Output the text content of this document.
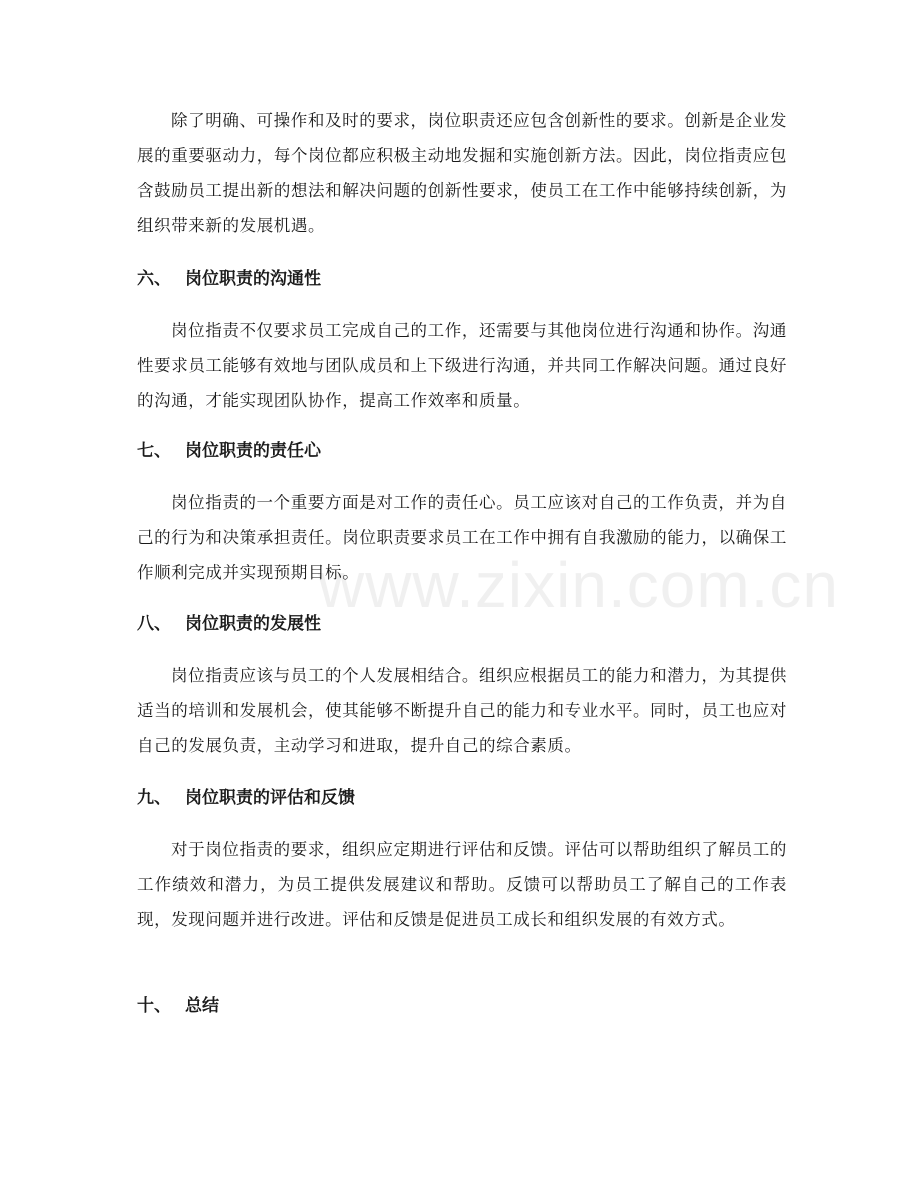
除了明确、可操作和及时的要求，岗位职责还应包含创新性的要求。创新是企业发展的重要驱动力，每个岗位都应积极主动地发掘和实施创新方法。因此，岗位指责应包含鼓励员工提出新的想法和解决问题的创新性要求，使员工在工作中能够持续创新，为组织带来新的发展机遇。

六、 岗位职责的沟通性

岗位指责不仅要求员工完成自己的工作，还需要与其他岗位进行沟通和协作。沟通性要求员工能够有效地与团队成员和上下级进行沟通，并共同工作解决问题。通过良好的沟通，才能实现团队协作，提高工作效率和质量。

七、 岗位职责的责任心

岗位指责的一个重要方面是对工作的责任心。员工应该对自己的工作负责，并为自己的行为和决策承担责任。岗位职责要求员工在工作中拥有自我激励的能力，以确保工作顺利完成并实现预期目标。

八、 岗位职责的发展性

岗位指责应该与员工的个人发展相结合。组织应根据员工的能力和潜力，为其提供适当的培训和发展机会，使其能够不断提升自己的能力和专业水平。同时，员工也应对自己的发展负责，主动学习和进取，提升自己的综合素质。

九、 岗位职责的评估和反馈

对于岗位指责的要求，组织应定期进行评估和反馈。评估可以帮助组织了解员工的工作绩效和潜力，为员工提供发展建议和帮助。反馈可以帮助员工了解自己的工作表现，发现问题并进行改进。评估和反馈是促进员工成长和组织发展的有效方式。

十、 总结
www.zixin.com.cn
